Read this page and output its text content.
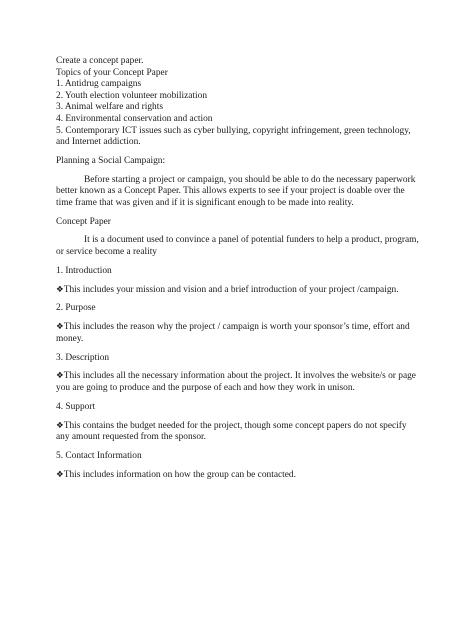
Create a concept paper.
Topics of your Concept Paper
1. Antidrug campaigns
2. Youth election volunteer mobilization
3. Animal welfare and rights
4. Environmental conservation and action
5. Contemporary ICT issues such as cyber bullying, copyright infringement, green technology,
and Internet addiction.
Planning a Social Campaign:
Before starting a project or campaign, you should be able to do the necessary paperwork
better known as a Concept Paper. This allows experts to see if your project is doable over the
time frame that was given and if it is significant enough to be made into reality.
Concept Paper
It is a document used to convince a panel of potential funders to help a product, program,
or service become a reality
1. Introduction
❖This includes your mission and vision and a brief introduction of your project /campaign.
2. Purpose
❖This includes the reason why the project / campaign is worth your sponsor’s time, effort and
money.
3. Description
❖This includes all the necessary information about the project. It involves the website/s or page
you are going to produce and the purpose of each and how they work in unison.
4. Support
❖This contains the budget needed for the project, though some concept papers do not specify
any amount requested from the sponsor.
5. Contact Information
❖This includes information on how the group can be contacted.
